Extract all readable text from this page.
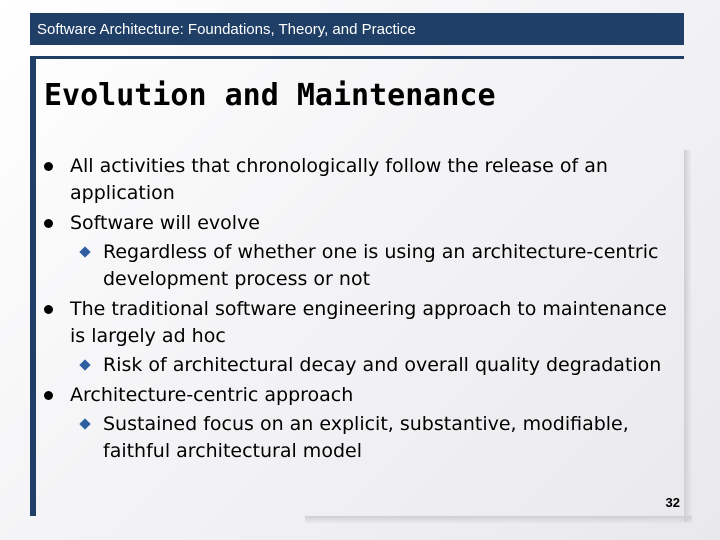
Software Architecture: Foundations, Theory, and Practice
Evolution and Maintenance
All activities that chronologically follow the release of an application
Software will evolve
Regardless of whether one is using an architecture-centric development process or not
The traditional software engineering approach to maintenance is largely ad hoc
Risk of architectural decay and overall quality degradation
Architecture-centric approach
Sustained focus on an explicit, substantive, modifiable, faithful architectural model
32
